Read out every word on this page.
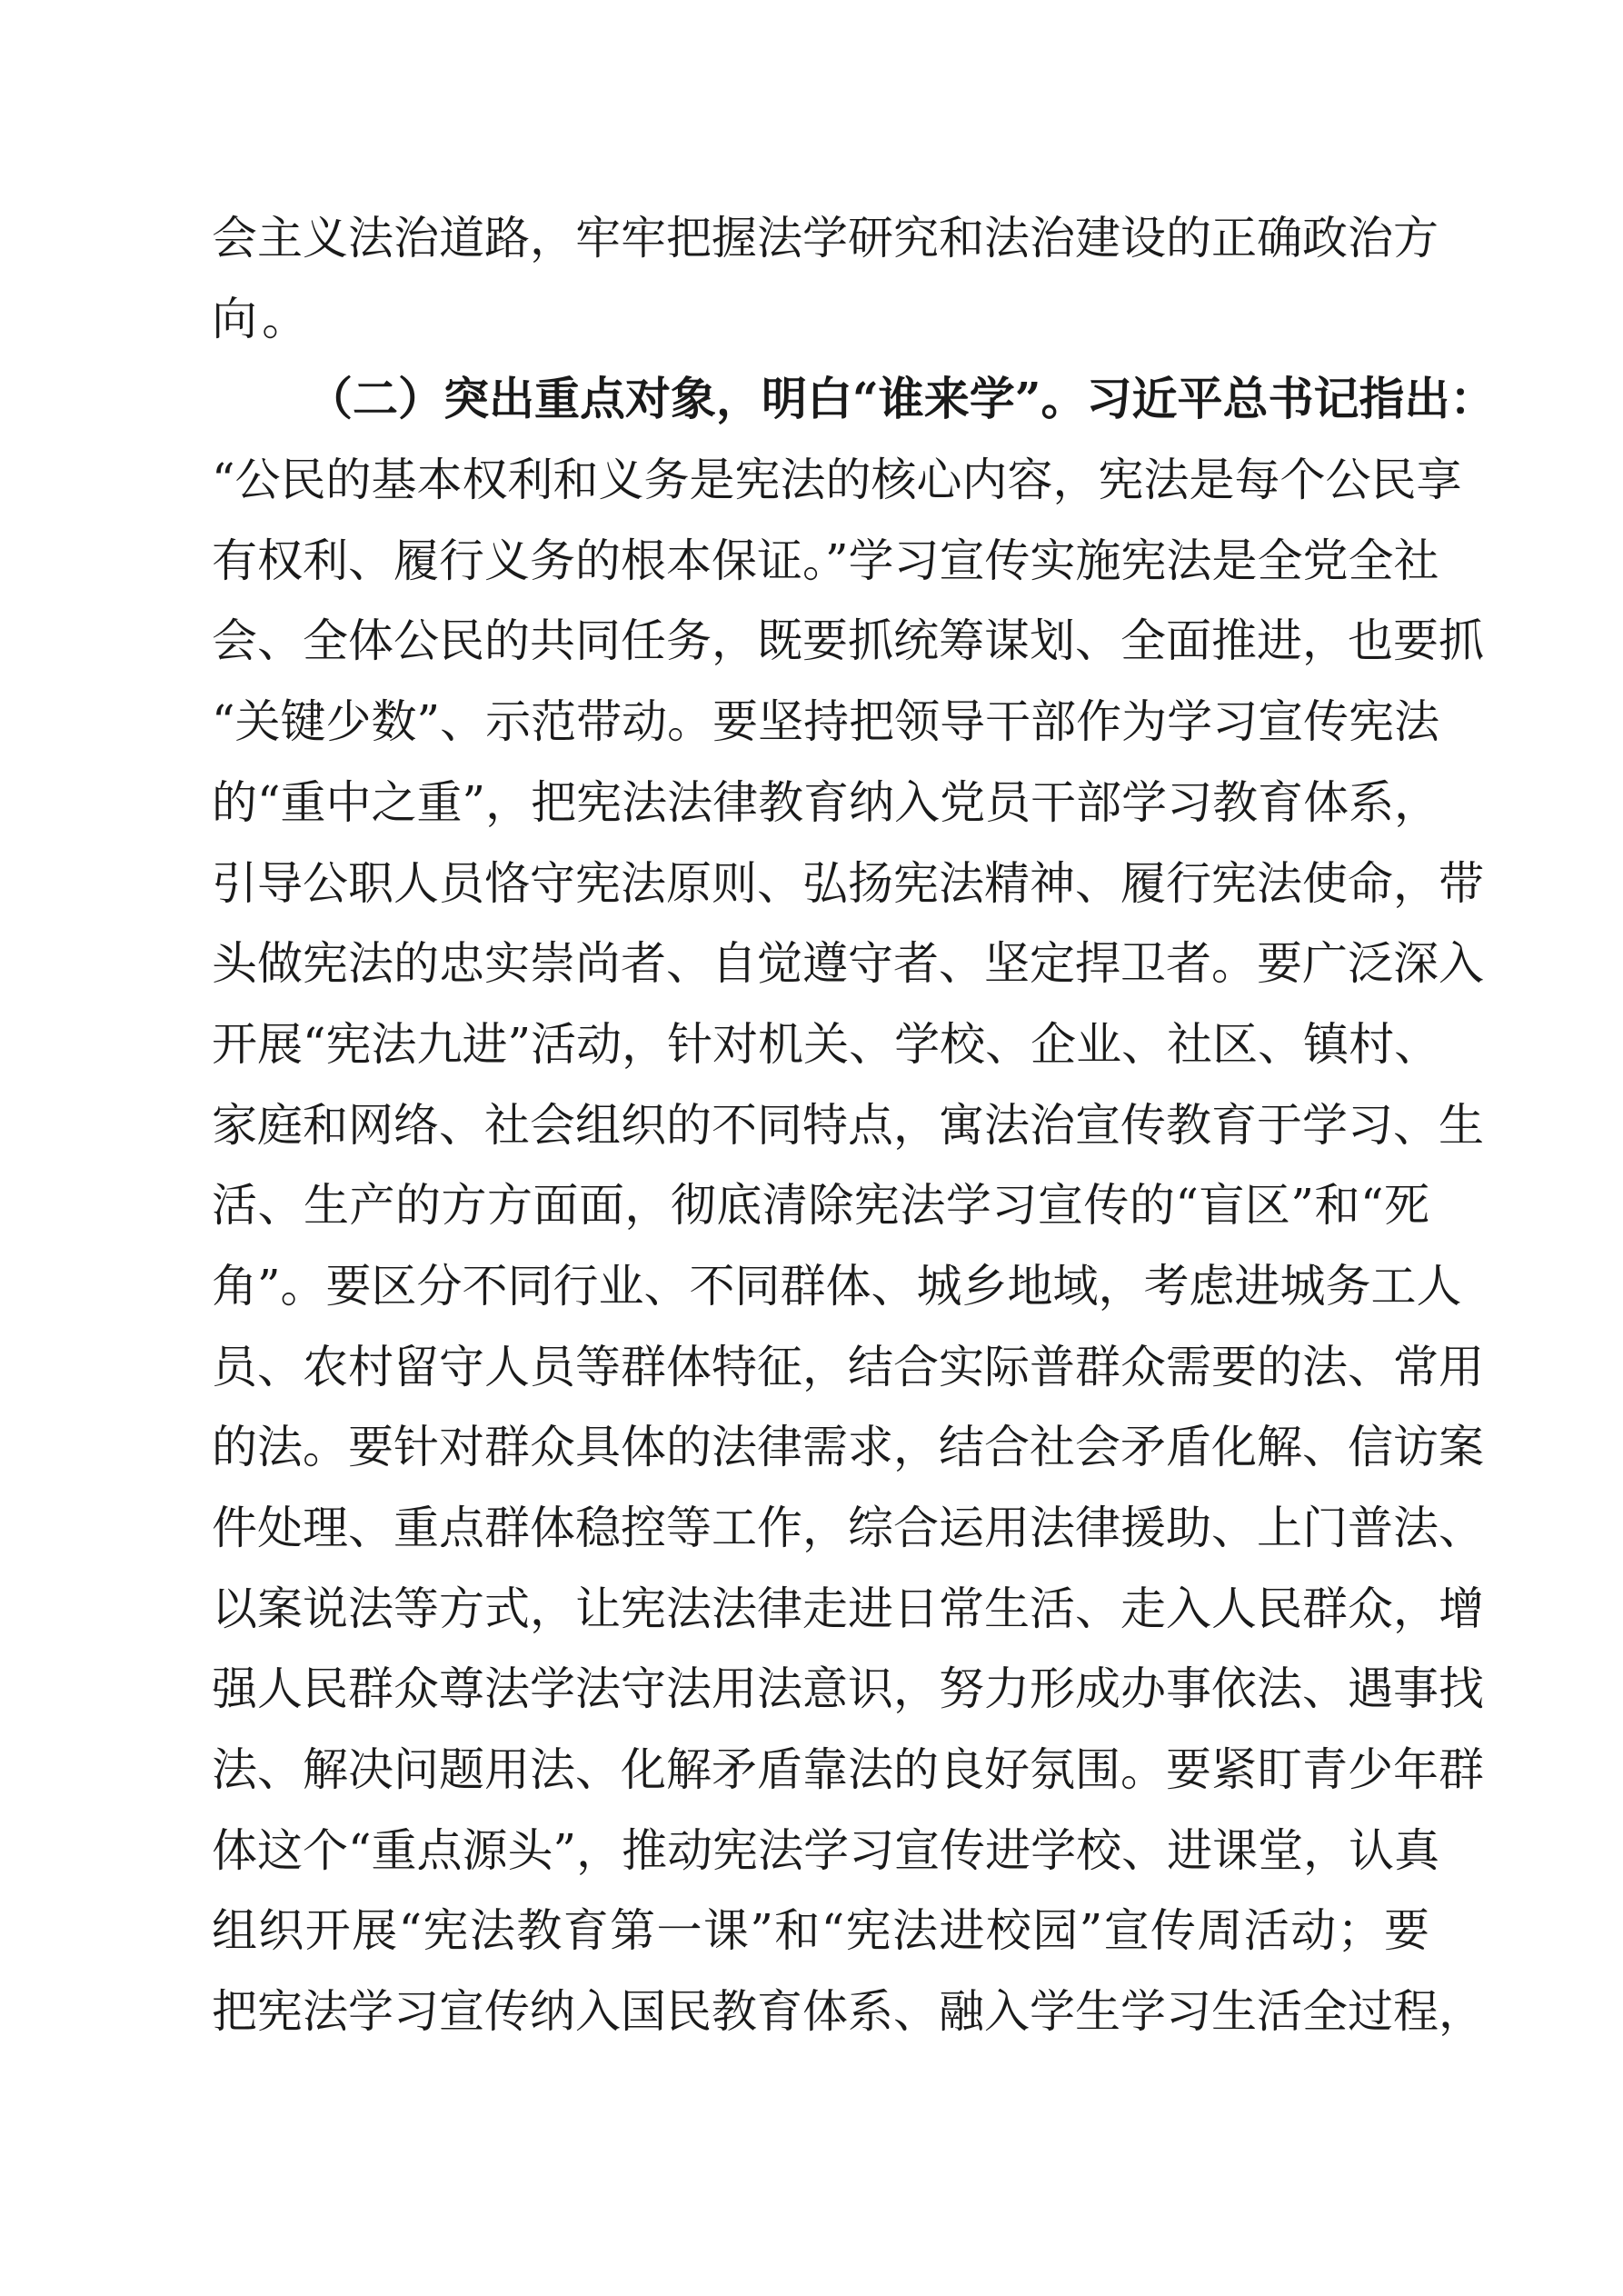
会主义法治道路，牢牢把握法学研究和法治建设的正确政治方
向。
（二）突出重点对象，明白“谁来学”。习近平总书记指出：
“公民的基本权利和义务是宪法的核心内容，宪法是每个公民享
有权利、履行义务的根本保证。”学习宣传实施宪法是全党全社
会、全体公民的共同任务，既要抓统筹谋划、全面推进，也要抓
“关键少数”、示范带动。要坚持把领导干部作为学习宣传宪法
的“重中之重”，把宪法法律教育纳入党员干部学习教育体系，
引导公职人员恪守宪法原则、弘扬宪法精神、履行宪法使命，带
头做宪法的忠实崇尚者、自觉遵守者、坚定捍卫者。要广泛深入
开展“宪法九进”活动，针对机关、学校、企业、社区、镇村、
家庭和网络、社会组织的不同特点，寓法治宣传教育于学习、生
活、生产的方方面面，彻底清除宪法学习宣传的“盲区”和“死
角”。要区分不同行业、不同群体、城乡地域，考虑进城务工人
员、农村留守人员等群体特征，结合实际普群众需要的法、常用
的法。要针对群众具体的法律需求，结合社会矛盾化解、信访案
件处理、重点群体稳控等工作，综合运用法律援助、上门普法、
以案说法等方式，让宪法法律走进日常生活、走入人民群众，增
强人民群众尊法学法守法用法意识，努力形成办事依法、遇事找
法、解决问题用法、化解矛盾靠法的良好氛围。要紧盯青少年群
体这个“重点源头”，推动宪法学习宣传进学校、进课堂，认真
组织开展“宪法教育第一课”和“宪法进校园”宣传周活动；要
把宪法学习宣传纳入国民教育体系、融入学生学习生活全过程，
